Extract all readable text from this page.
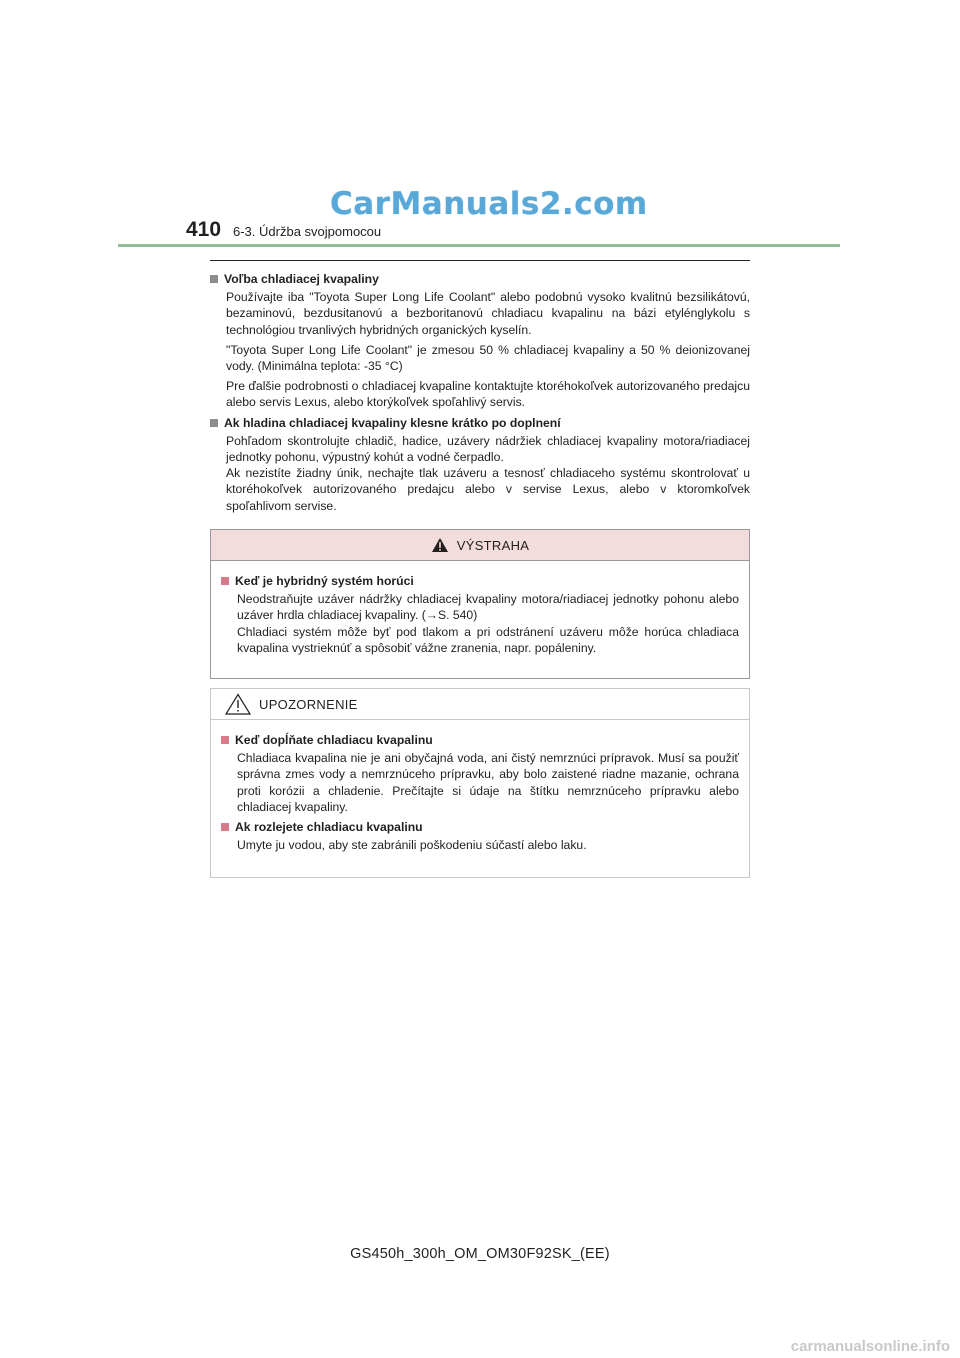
CarManuals2.com
410 6-3. Údržba svojpomocou
Voľba chladiacej kvapaliny

Používajte iba "Toyota Super Long Life Coolant" alebo podobnú vysoko kvalitnú bezsilikátovú, bezaminovú, bezdusitanovú a bezboritanovú chladiacu kvapalinu na bázi etylénglykolu s technológiou trvanlivých hybridných organických kyselín.

"Toyota Super Long Life Coolant" je zmesou 50 % chladiacej kvapaliny a 50 % deionizovanej vody. (Minimálna teplota: -35 °C)

Pre ďalšie podrobnosti o chladiacej kvapaline kontaktujte ktoréhokoľvek autorizovaného predajcu alebo servis Lexus, alebo ktorýkoľvek spoľahlivý servis.

Ak hladina chladiacej kvapaliny klesne krátko po doplnení

Pohľadom skontrolujte chladič, hadice, uzávery nádržiek chladiacej kvapaliny motora/riadiacej jednotky pohonu, výpustný kohút a vodné čerpadlo.

Ak nezistíte žiadny únik, nechajte tlak uzáveru a tesnosť chladiaceho systému skontrolovať u ktoréhokoľvek autorizovaného predajcu alebo v servise Lexus, alebo v ktoromkoľvek spoľahlivom servise.

VÝSTRAHA
Keď je hybridný systém horúci

Neodstraňujte uzáver nádržky chladiacej kvapaliny motora/riadiacej jednotky pohonu alebo uzáver hrdla chladiacej kvapaliny. (→S. 540)

Chladiaci systém môže byť pod tlakom a pri odstránení uzáveru môže horúca chladiaca kvapalina vystrieknúť a spôsobiť vážne zranenia, napr. popáleniny.

UPOZORNENIE
Keď dopĺňate chladiacu kvapalinu

Chladiaca kvapalina nie je ani obyčajná voda, ani čistý nemrznúci prípravok. Musí sa použiť správna zmes vody a nemrznúceho prípravku, aby bolo zaistené riadne mazanie, ochrana proti korózii a chladenie. Prečítajte si údaje na štítku nemrznúceho prípravku alebo chladiacej kvapaliny.

Ak rozlejete chladiacu kvapalinu

Umyte ju vodou, aby ste zabránili poškodeniu súčastí alebo laku.

GS450h_300h_OM_OM30F92SK_(EE)
carmanualsonline.info
